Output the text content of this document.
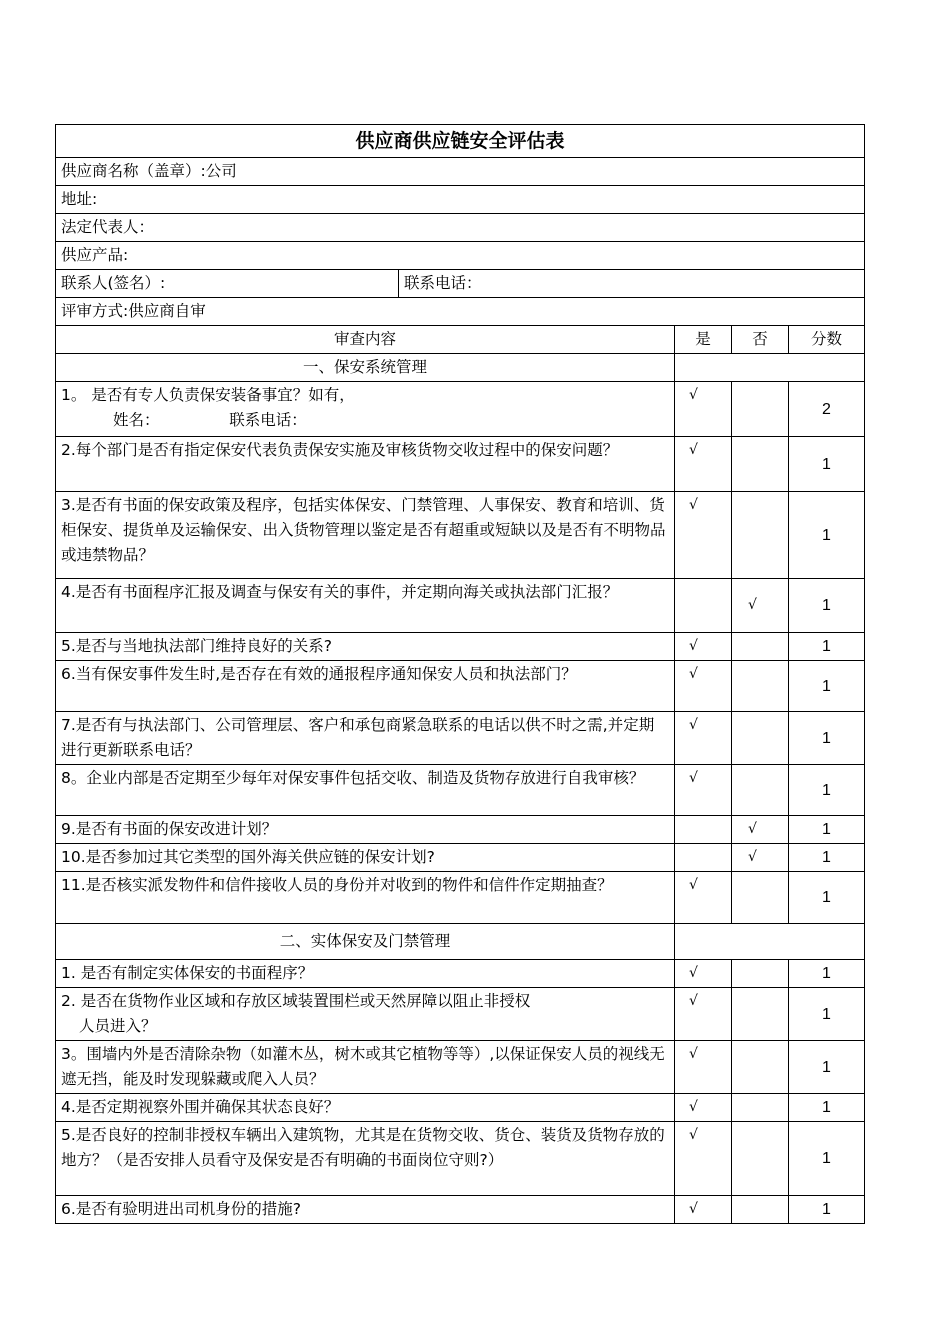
供应商供应链安全评估表				
供应商名称（盖章）:公司				
地址:				
法定代表人：				
供应产品:				
联系人(签名）:	联系电话：			
评审方式:供应商自审				
审查内容		是	否	分数
一、保安系统管理				
1。 是否有专人负责保安装备事宜？如有，
姓名：　　　　　联系电话：		√		2
2.每个部门是否有指定保安代表负责保安实施及审核货物交收过程中的保安问题？		√		1
3.是否有书面的保安政策及程序，包括实体保安、门禁管理、人事保安、教育和培训、货柜保安、提货单及运输保安、出入货物管理以鉴定是否有超重或短缺以及是否有不明物品或违禁物品？		√		1
4.是否有书面程序汇报及调查与保安有关的事件，并定期向海关或执法部门汇报？			√	1
5.是否与当地执法部门维持良好的关系?		√		1
6.当有保安事件发生时,是否存在有效的通报程序通知保安人员和执法部门？		√		1
7.是否有与执法部门、公司管理层、客户和承包商紧急联系的电话以供不时之需,并定期进行更新联系电话？		√		1
8。企业内部是否定期至少每年对保安事件包括交收、制造及货物存放进行自我审核？		√		1
9.是否有书面的保安改进计划？			√	1
10.是否参加过其它类型的国外海关供应链的保安计划?			√	1
11.是否核实派发物件和信件接收人员的身份并对收到的物件和信件作定期抽查？		√		1
二、实体保安及门禁管理				
1. 是否有制定实体保安的书面程序？		√		1
2. 是否在货物作业区域和存放区域装置围栏或天然屏障以阻止非授权
人员进入？		√		1
3。围墙内外是否清除杂物（如灌木丛，树木或其它植物等等）,以保证保安人员的视线无遮无挡，能及时发现躲藏或爬入人员？		√		1
4.是否定期视察外围并确保其状态良好？		√		1
5.是否良好的控制非授权车辆出入建筑物，尤其是在货物交收、货仓、装货及货物存放的地方？（是否安排人员看守及保安是否有明确的书面岗位守则?）		√		1
6.是否有验明进出司机身份的措施?		√		1
